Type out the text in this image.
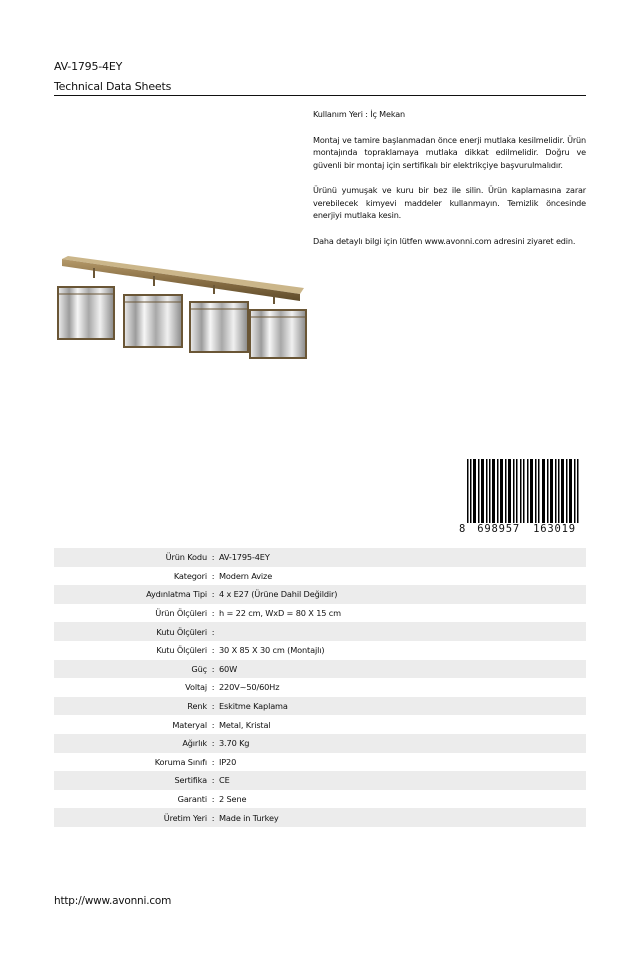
AV-1795-4EY
Technical Data Sheets

Kullanım Yeri : İç Mekan

Montaj ve tamire başlanmadan önce enerji mutlaka kesilmelidir. Ürün montajında topraklamaya mutlaka dikkat edilmelidir. Doğru ve güvenli bir montaj için sertifikalı bir elektrikçiye başvurulmalıdır.

Ürünü yumuşak ve kuru bir bez ile silin. Ürün kaplamasına zarar verebilecek kimyevi maddeler kullanmayın. Temizlik öncesinde enerjiyi mutlaka kesin.

Daha detaylı bilgi için lütfen www.avonni.com adresini ziyaret edin.

8 698957 163019
Ürün Kodu : AV-1795-4EY
Kategori : Modern Avize
Aydınlatma Tipi : 4 x E27 (Ürüne Dahil Değildir)
Ürün Ölçüleri : h = 22 cm, WxD = 80 X 15 cm
Kutu Ölçüleri :
Kutu Ölçüleri : 30 X 85 X 30 cm (Montajlı)
Güç : 60W
Voltaj : 220V~50/60Hz
Renk : Eskitme Kaplama
Materyal : Metal, Kristal
Ağırlık : 3.70 Kg
Koruma Sınıfı : IP20
Sertifika : CE
Garanti : 2 Sene
Üretim Yeri : Made in Turkey
http://www.avonni.com
